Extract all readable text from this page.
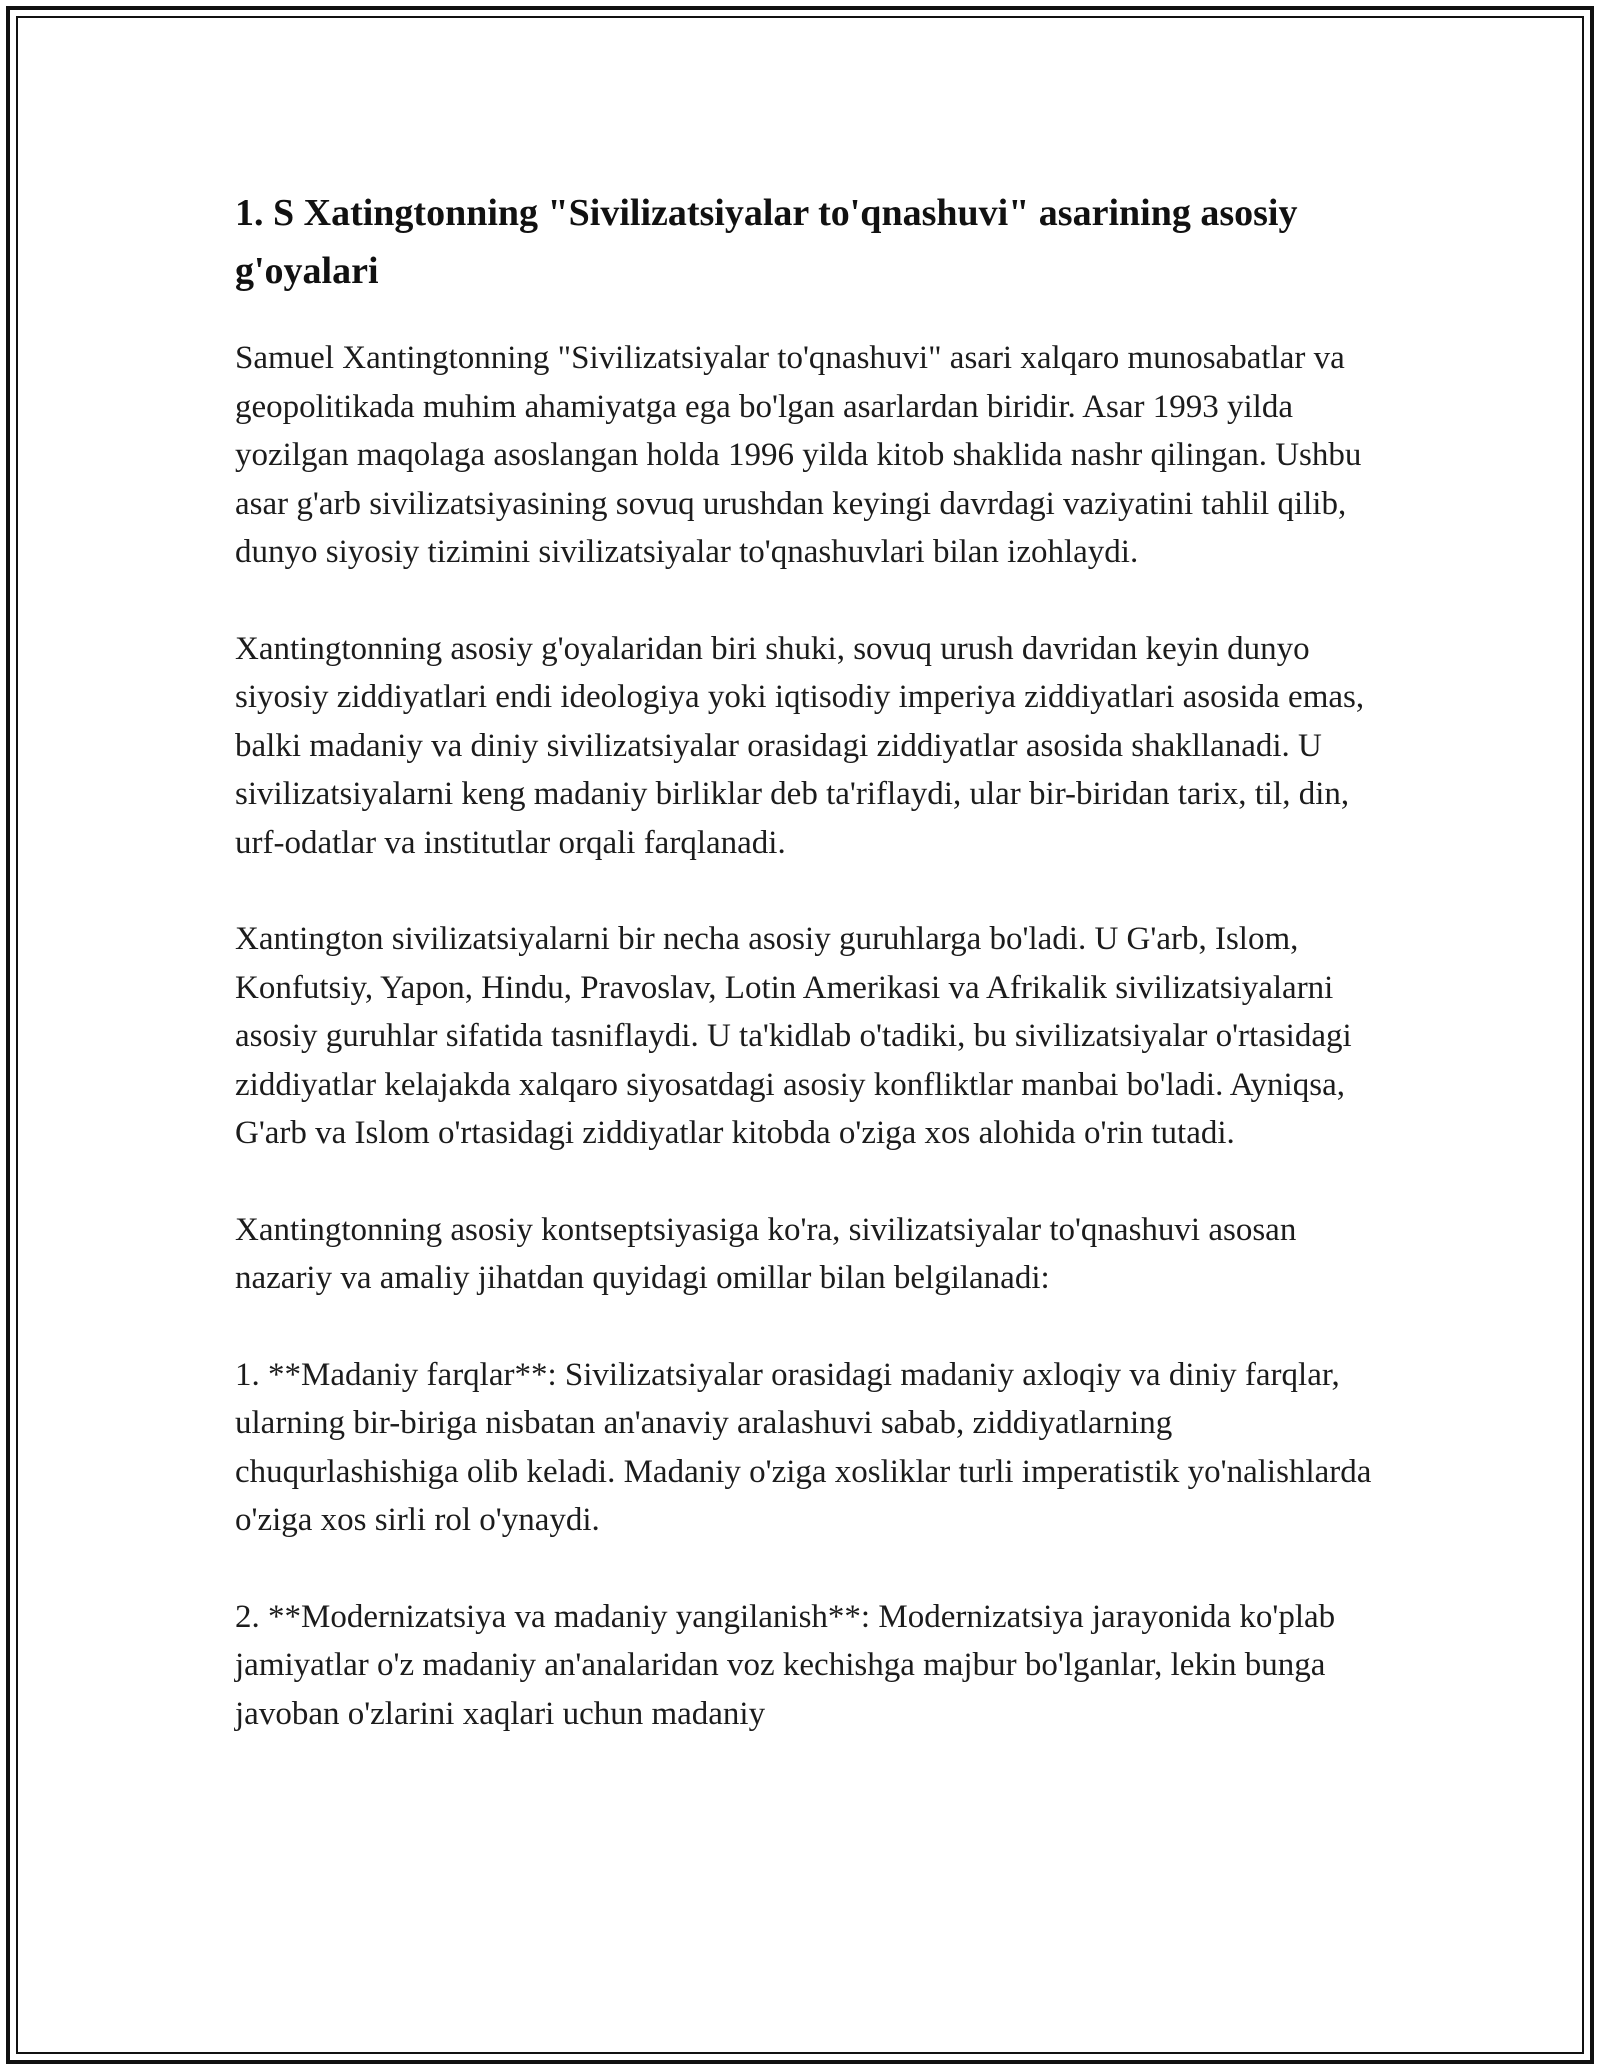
1. S Xatingtonning "Sivilizatsiyalar to'qnashuvi" asarining asosiy g'oyalari

Samuel Xantingtonning "Sivilizatsiyalar to'qnashuvi" asari xalqaro munosabatlar va geopolitikada muhim ahamiyatga ega bo'lgan asarlardan biridir. Asar 1993 yilda yozilgan maqolaga asoslangan holda 1996 yilda kitob shaklida nashr qilingan. Ushbu asar g'arb sivilizatsiyasining sovuq urushdan keyingi davrdagi vaziyatini tahlil qilib, dunyo siyosiy tizimini sivilizatsiyalar to'qnashuvlari bilan izohlaydi.

Xantingtonning asosiy g'oyalaridan biri shuki, sovuq urush davridan keyin dunyo siyosiy ziddiyatlari endi ideologiya yoki iqtisodiy imperiya ziddiyatlari asosida emas, balki madaniy va diniy sivilizatsiyalar orasidagi ziddiyatlar asosida shakllanadi. U sivilizatsiyalarni keng madaniy birliklar deb ta'riflaydi, ular bir-biridan tarix, til, din, urf-odatlar va institutlar orqali farqlanadi.

Xantington sivilizatsiyalarni bir necha asosiy guruhlarga bo'ladi. U G'arb, Islom, Konfutsiy, Yapon, Hindu, Pravoslav, Lotin Amerikasi va Afrikalik sivilizatsiyalarni asosiy guruhlar sifatida tasniflaydi. U ta'kidlab o'tadiki, bu sivilizatsiyalar o'rtasidagi ziddiyatlar kelajakda xalqaro siyosatdagi asosiy konfliktlar manbai bo'ladi. Ayniqsa, G'arb va Islom o'rtasidagi ziddiyatlar kitobda o'ziga xos alohida o'rin tutadi.

Xantingtonning asosiy kontseptsiyasiga ko'ra, sivilizatsiyalar to'qnashuvi asosan nazariy va amaliy jihatdan quyidagi omillar bilan belgilanadi:

1. **Madaniy farqlar**: Sivilizatsiyalar orasidagi madaniy axloqiy va diniy farqlar, ularning bir-biriga nisbatan an'anaviy aralashuvi sabab, ziddiyatlarning chuqurlashishiga olib keladi. Madaniy o'ziga xosliklar turli imperatistik yo'nalishlarda o'ziga xos sirli rol o'ynaydi.

2. **Modernizatsiya va madaniy yangilanish**: Modernizatsiya jarayonida ko'plab jamiyatlar o'z madaniy an'analaridan voz kechishga majbur bo'lganlar, lekin bunga javoban o'zlarini xaqlari uchun madaniy
